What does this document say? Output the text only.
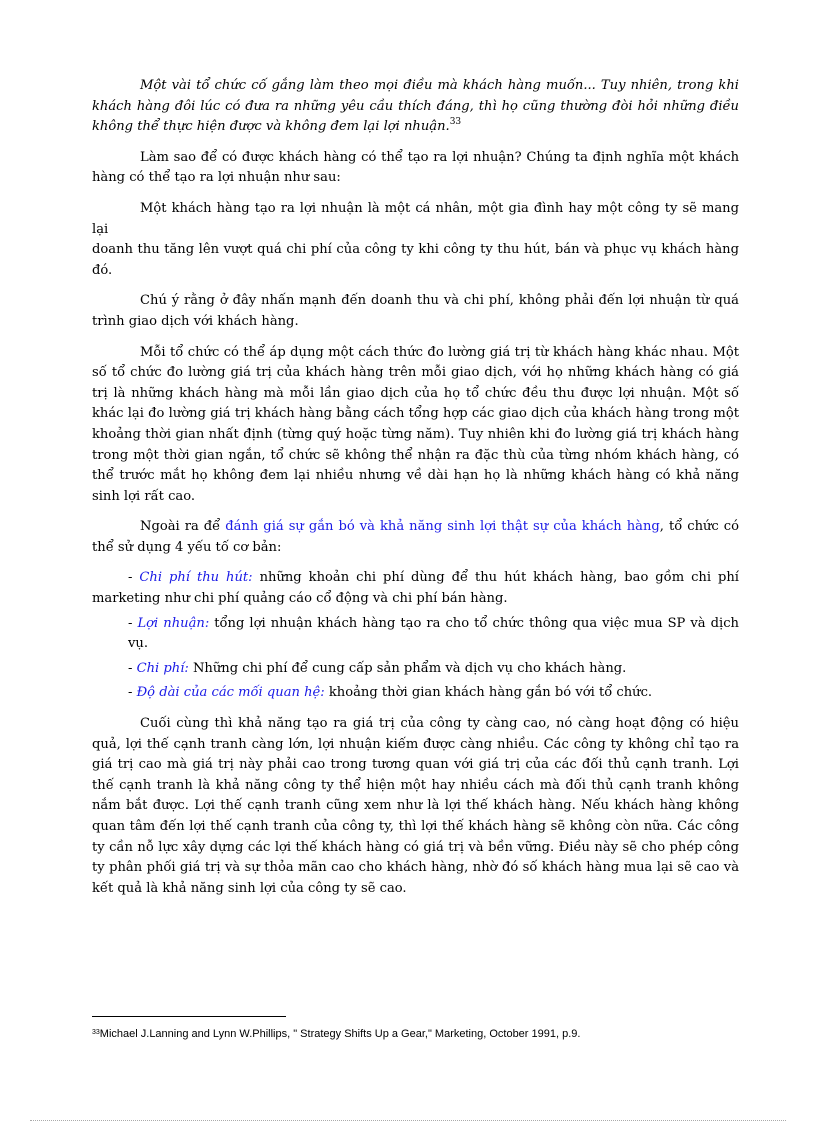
Một vài tổ chức cố gắng làm theo mọi điều mà khách hàng muốn... Tuy nhiên, trong khi khách hàng đôi lúc có đưa ra những yêu cầu thích đáng, thì họ cũng thường đòi hỏi những điều không thể thực hiện được và không đem lại lợi nhuận.$^{33}$

Làm sao để có được khách hàng có thể tạo ra lợi nhuận? Chúng ta định nghĩa một khách hàng có thể tạo ra lợi nhuận như sau:

Một khách hàng tạo ra lợi nhuận là một cá nhân, một gia đình hay một công ty sẽ mang lại

doanh thu tăng lên vượt quá chi phí của công ty khi công ty thu hút, bán và phục vụ khách hàng đó.

Chú ý rằng ở đây nhấn mạnh đến doanh thu và chi phí, không phải đến lợi nhuận từ quá trình giao dịch với khách hàng.

Mỗi tổ chức có thể áp dụng một cách thức đo lường giá trị từ khách hàng khác nhau. Một số tổ chức đo lường giá trị của khách hàng trên mỗi giao dịch, với họ những khách hàng có giá trị là những khách hàng mà mỗi lần giao dịch của họ tổ chức đều thu được lợi nhuận. Một số khác lại đo lường giá trị khách hàng bằng cách tổng hợp các giao dịch của khách hàng trong một khoảng thời gian nhất định (từng quý hoặc từng năm). Tuy nhiên khi đo lường giá trị khách hàng trong một thời gian ngắn, tổ chức sẽ không thể nhận ra đặc thù của từng nhóm khách hàng, có thể trước mắt họ không đem lại nhiều nhưng về dài hạn họ là những khách hàng có khả năng sinh lợi rất cao.

Ngoài ra để đánh giá sự gắn bó và khả năng sinh lợi thật sự của khách hàng, tổ chức có thể sử dụng 4 yếu tố cơ bản:

- Chi phí thu hút: những khoản chi phí dùng để thu hút khách hàng, bao gồm chi phí
marketing như chi phí quảng cáo cổ động và chi phí bán hàng.
- Lợi nhuận: tổng lợi nhuận khách hàng tạo ra cho tổ chức thông qua việc mua SP và dịch vụ.
- Chi phí: Những chi phí để cung cấp sản phẩm và dịch vụ cho khách hàng.
- Độ dài của các mối quan hệ: khoảng thời gian khách hàng gắn bó với tổ chức.

Cuối cùng thì khả năng tạo ra giá trị của công ty càng cao, nó càng hoạt động có hiệu quả, lợi thế cạnh tranh càng lớn, lợi nhuận kiếm được càng nhiều. Các công ty không chỉ tạo ra giá trị cao mà giá trị này phải cao trong tương quan với giá trị của các đối thủ cạnh tranh. Lợi thế cạnh tranh là khả năng công ty thể hiện một hay nhiều cách mà đối thủ cạnh tranh không nắm bắt được. Lợi thế cạnh tranh cũng xem như là lợi thế khách hàng. Nếu khách hàng không quan tâm đến lợi thế cạnh tranh của công ty, thì lợi thế khách hàng sẽ không còn nữa. Các công ty cần nỗ lực xây dựng các lợi thế khách hàng có giá trị và bền vững. Điều này sẽ cho phép công ty phân phối giá trị và sự thỏa mãn cao cho khách hàng, nhờ đó số khách hàng mua lại sẽ cao và kết quả là khả năng sinh lợi của công ty sẽ cao.

$^{33}$Michael J.Lanning and Lynn W.Phillips, " Strategy Shifts Up a Gear," Marketing, October 1991, p.9.
